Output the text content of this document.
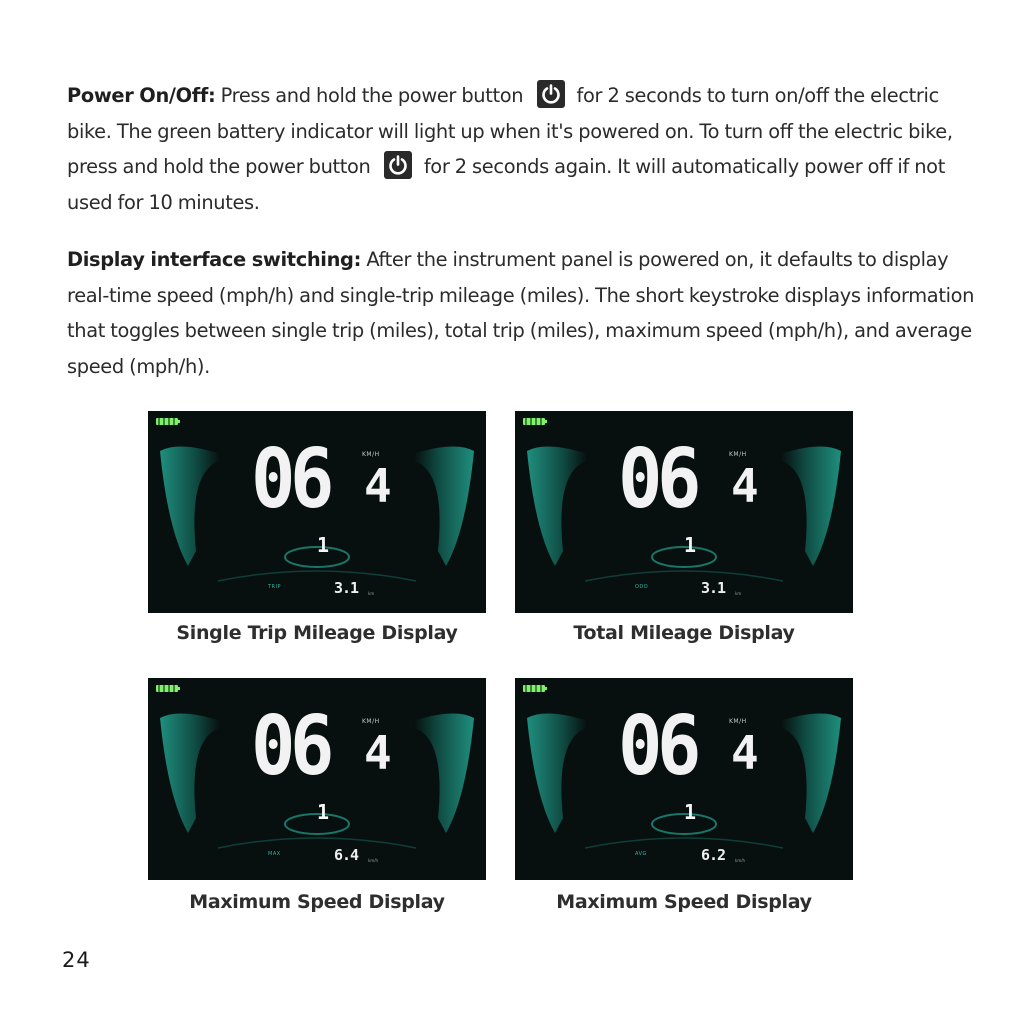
Power On/Off: Press and hold the power button
for 2 seconds to turn on/off the electric bike. The green battery indicator will light up when it's powered on. To turn off the electric bike, press and hold the power button
for 2 seconds again. It will automatically power off if not used for 10 minutes.

Display interface switching: After the instrument panel is powered on, it defaults to display real-time speed (mph/h) and single-trip mileage (miles). The short keystroke displays information that toggles between single trip (miles), total trip (miles), maximum speed (mph/h), and average speed (mph/h).

KM/H
06 4
1
TRIP	3.1 km
Single Trip Mileage Display
KM/H
06 4
1
ODO	3.1 km
Total Mileage Display
KM/H
06 4
1
MAX	6.4 km/h
Maximum Speed Display
KM/H
06 4
1
AVG	6.2 km/h
Maximum Speed Display
24
